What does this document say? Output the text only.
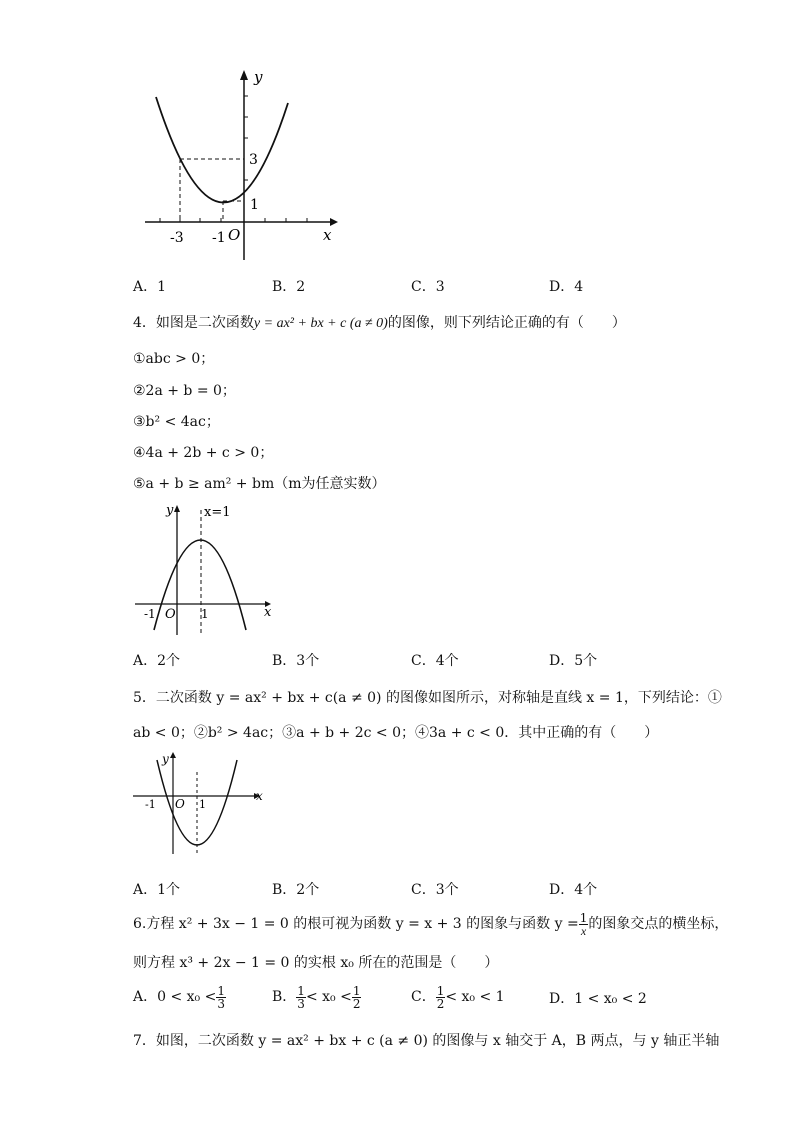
y
x
O
-3 -1
3
1
A．1	B．2	C．3	D．4
4．如图是二次函数y = ax² + bx + c (a ≠ 0)的图像，则下列结论正确的有（　　）
①abc > 0；
②2a + b = 0；
③b² < 4ac；
④4a + 2b + c > 0；
⑤a + b ≥ am² + bm（m为任意实数）
y x=1
x
-1 O 1
A．2个	B．3个	C．4个	D．5个
5．二次函数 y = ax² + bx + c(a ≠ 0) 的图像如图所示，对称轴是直线 x = 1，下列结论：①
ab < 0；②b² > 4ac；③a + b + 2c < 0；④3a + c < 0．其中正确的有（　　）
y
x
-1 O 1
A．1个	B．2个	C．3个	D．4个
6.方程 x² + 3x − 1 = 0 的根可视为函数 y = x + 3 的图象与函数 $y = \frac{1}{x}$ 的图象交点的横坐标，
则方程 x³ + 2x − 1 = 0 的实根 x₀ 所在的范围是（　　）
A．$0 < x_0 < \frac{1}{3}$	B． $\frac{1}{3} < x_0 < \frac{1}{2}$	C． $\frac{1}{2} < x_0 < 1$	D．1 < x₀ < 2
7．如图，二次函数 y = ax² + bx + c (a ≠ 0) 的图像与 x 轴交于 A，B 两点，与 y 轴正半轴
